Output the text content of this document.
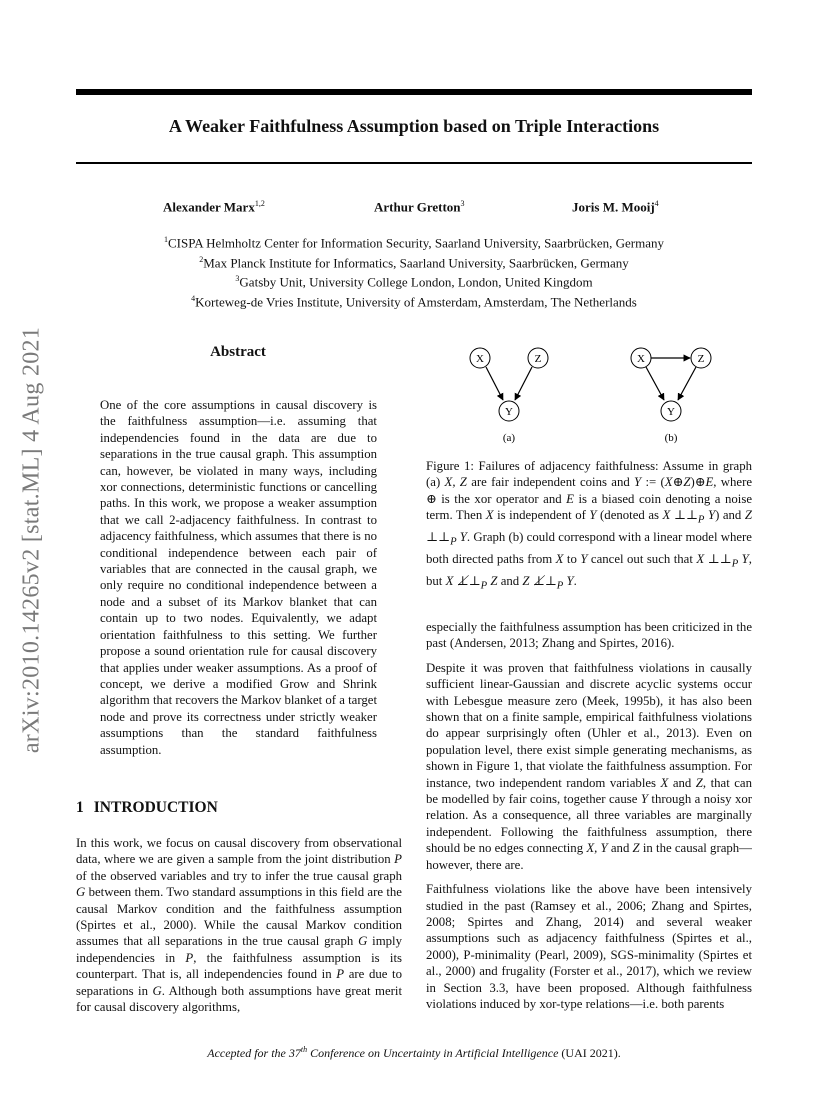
arXiv:2010.14265v2 [stat.ML] 4 Aug 2021
A Weaker Faithfulness Assumption based on Triple Interactions
Alexander Marx$^{1,2}$	Arthur Gretton$^3$	Joris M. Mooij$^4$
$^1$CISPA Helmholtz Center for Information Security, Saarland University, Saarbrücken, Germany
$^2$Max Planck Institute for Informatics, Saarland University, Saarbrücken, Germany
$^3$Gatsby Unit, University College London, London, United Kingdom
$^4$Korteweg-de Vries Institute, University of Amsterdam, Amsterdam, The Netherlands
Abstract
One of the core assumptions in causal discovery is the faithfulness assumption—i.e. assuming that independencies found in the data are due to separations in the true causal graph. This assumption can, however, be violated in many ways, including xor connections, deterministic functions or cancelling paths. In this work, we propose a weaker assumption that we call 2-adjacency faithfulness. In contrast to adjacency faithfulness, which assumes that there is no conditional independence between each pair of variables that are connected in the causal graph, we only require no conditional independence between a node and a subset of its Markov blanket that can contain up to two nodes. Equivalently, we adapt orientation faithfulness to this setting. We further propose a sound orientation rule for causal discovery that applies under weaker assumptions. As a proof of concept, we derive a modified Grow and Shrink algorithm that recovers the Markov blanket of a target node and prove its correctness under strictly weaker assumptions than the standard faithfulness assumption.
1 INTRODUCTION
In this work, we focus on causal discovery from observational data, where we are given a sample from the joint distribution P of the observed variables and try to infer the true causal graph G between them. Two standard assumptions in this field are the causal Markov condition and the faithfulness assumption (Spirtes et al., 2000). While the causal Markov condition assumes that all separations in the true causal graph G imply independencies in P, the faithfulness assumption is its counterpart. That is, all independencies found in P are due to separations in G. Although both assumptions have great merit for causal discovery algorithms,
X	Z
Y
(a)
X	Z
Y
(b)
Figure 1: Failures of adjacency faithfulness: Assume in graph (a) X, Z are fair independent coins and Y := (X⊕Z)⊕E, where ⊕ is the xor operator and E is a biased coin denoting a noise term. Then X is independent of Y (denoted as X $\perp\perp_P$ Y) and Z $\perp\perp_P$ Y. Graph (b) could correspond with a linear model where both directed paths from X to Y cancel out such that X $\perp\perp_P$ Y, but X $\perp̸\perp_P$ Z and Z $\perp̸\perp_P$ Y.

especially the faithfulness assumption has been criticized in the past (Andersen, 2013; Zhang and Spirtes, 2016).

Despite it was proven that faithfulness violations in causally sufficient linear-Gaussian and discrete acyclic systems occur with Lebesgue measure zero (Meek, 1995b), it has also been shown that on a finite sample, empirical faithfulness violations do appear surprisingly often (Uhler et al., 2013). Even on population level, there exist simple generating mechanisms, as shown in Figure 1, that violate the faithfulness assumption. For instance, two independent random variables X and Z, that can be modelled by fair coins, together cause Y through a noisy xor relation. As a consequence, all three variables are marginally independent. Following the faithfulness assumption, there should be no edges connecting X, Y and Z in the causal graph—however, there are.

Faithfulness violations like the above have been intensively studied in the past (Ramsey et al., 2006; Zhang and Spirtes, 2008; Spirtes and Zhang, 2014) and several weaker assumptions such as adjacency faithfulness (Spirtes et al., 2000), P-minimality (Pearl, 2009), SGS-minimality (Spirtes et al., 2000) and frugality (Forster et al., 2017), which we review in Section 3.3, have been proposed. Although faithfulness violations induced by xor-type relations—i.e. both parents

Accepted for the 37th Conference on Uncertainty in Artificial Intelligence (UAI 2021).
